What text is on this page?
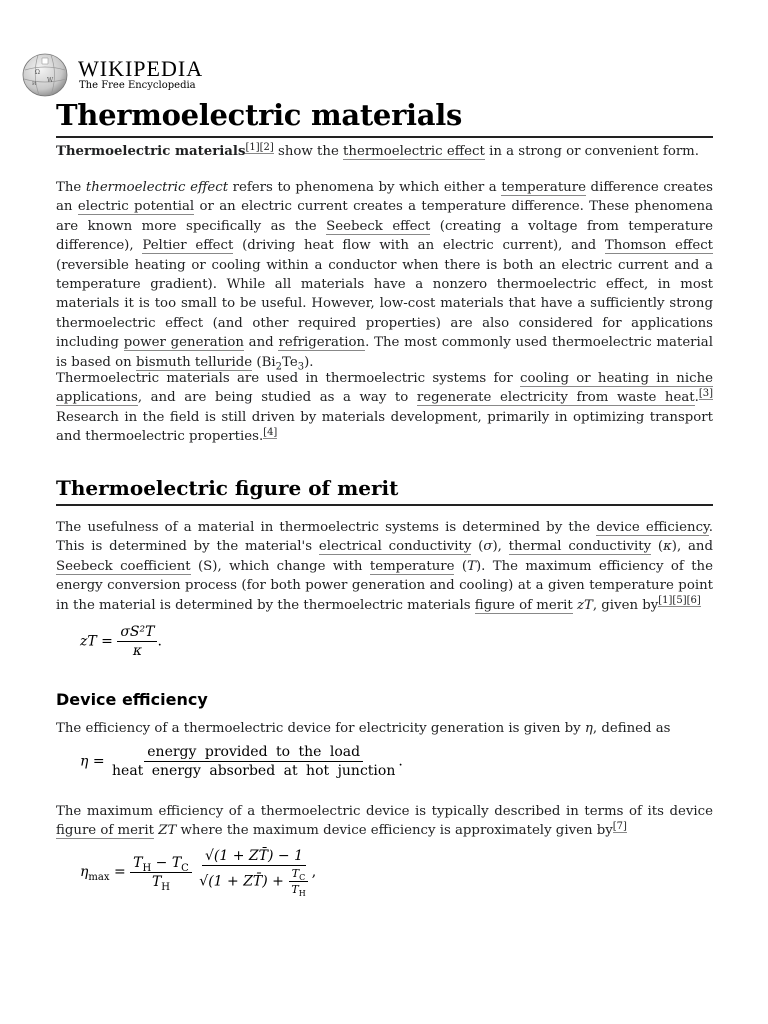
Ω
W
И
WIKIPEDIA
The Free Encyclopedia
Thermoelectric materials

Thermoelectric materials[1][2] show the thermoelectric effect in a strong or convenient form.

The thermoelectric effect refers to phenomena by which either a temperature difference creates an electric potential or an electric current creates a temperature difference. These phenomena are known more specifically as the Seebeck effect (creating a voltage from temperature difference), Peltier effect (driving heat flow with an electric current), and Thomson effect (reversible heating or cooling within a conductor when there is both an electric current and a temperature gradient). While all materials have a nonzero thermoelectric effect, in most materials it is too small to be useful. However, low-cost materials that have a sufficiently strong thermoelectric effect (and other required properties) are also considered for applications including power generation and refrigeration. The most commonly used thermoelectric material is based on bismuth telluride $(Bi_2Te_3)$.

Thermoelectric materials are used in thermoelectric systems for cooling or heating in niche applications, and are being studied as a way to regenerate electricity from waste heat.[3] Research in the field is still driven by materials development, primarily in optimizing transport and thermoelectric properties.[4]

Thermoelectric figure of merit

The usefulness of a material in thermoelectric systems is determined by the device efficiency. This is determined by the material's electrical conductivity (σ), thermal conductivity (κ), and Seebeck coefficient (S), which change with temperature (T). The maximum efficiency of the energy conversion process (for both power generation and cooling) at a given temperature point in the material is determined by the thermoelectric materials figure of merit zT, given by[1][5][6]

zT = $\frac{\text{σS²T}}{\kappa}$ .
Device efficiency

The efficiency of a thermoelectric device for electricity generation is given by η, defined as

$\eta = \frac{\text{energy provided to the load}}{\text{heat energy absorbed at hot junction}}$ .

The maximum efficiency of a thermoelectric device is typically described in terms of its device figure of merit ZT where the maximum device efficiency is approximately given by[7]

$\eta_{max} = \frac{T_H - T_C}{T_H}$
$\frac{√(1 + ZT̄) - 1}{√(1 + ZT̄) + \frac{T_C}{T_H}}$ ,
